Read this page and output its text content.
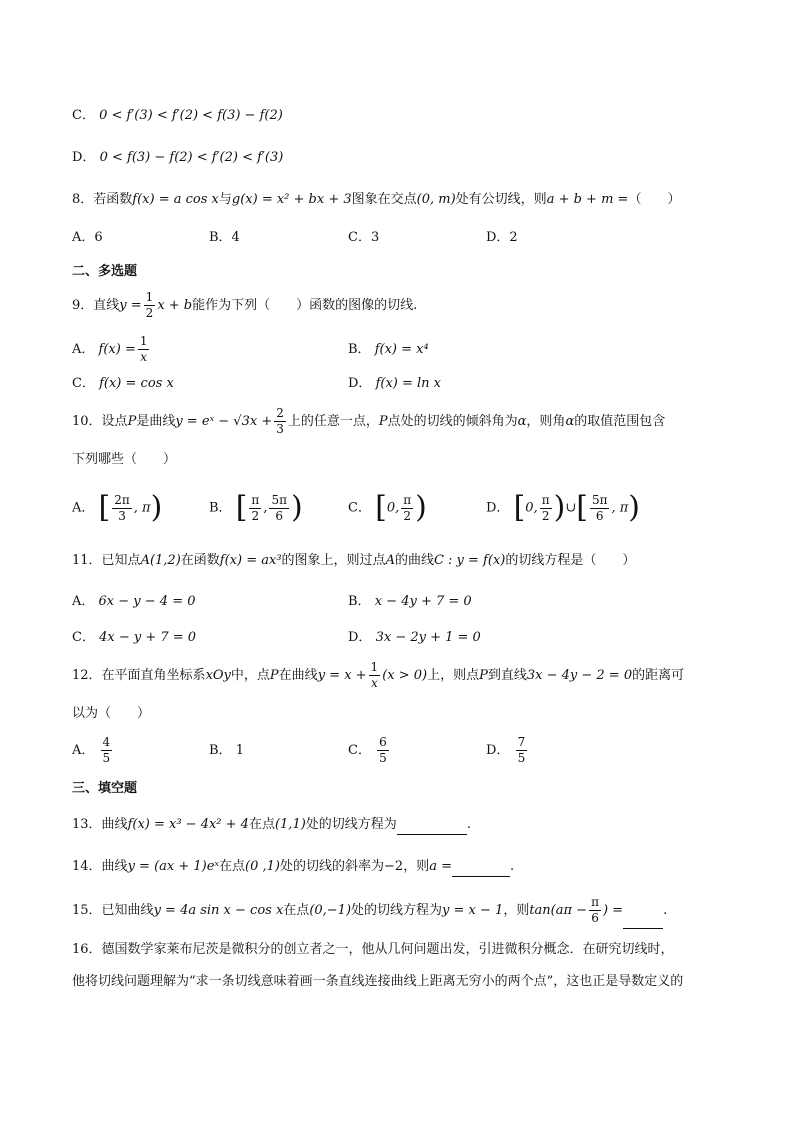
C． 0 < f′(3) < f′(2) < f(3) − f(2)
D． 0 < f(3) − f(2) < f′(2) < f′(3)
8．若函数f(x) = a cos x与g(x) = x² + bx + 3图象在交点(0, m)处有公切线，则a + b + m =（　　）
A．6	B．4	C．3	D．2
二、多选题
9．直线$y = \frac{1}{2}$ x + b能作为下列（　　）函数的图像的切线.
A． $f(x) = \frac{1}{x}$	B． f(x) = x⁴
C． f(x) = cos x	D． f(x) = ln x
10．设点P是曲线y = eˣ − $√3x + \frac{2}{3}$ 上的任意一点，P点处的切线的倾斜角为α，则角α的取值范围包含
下列哪些（　　）
A． [ $\frac{2\pi}{3}$ , π)	B． [ $\frac{\pi}{2}$ , $\frac{5\pi}{6}$ )	C． [0, $\frac{\pi}{2}$ )	D． [0, $\frac{\pi}{2}$ )∪[ $\frac{5\pi}{6}$ , π)
11．已知点A(1,2)在函数f(x) = ax³的图象上，则过点A的曲线C : y = f(x)的切线方程是（　　）
A． 6x − y − 4 = 0	B． x − 4y + 7 = 0
C． 4x − y + 7 = 0	D． 3x − 2y + 1 = 0
12．在平面直角坐标系xOy中，点P在曲线$y = x + \frac{1}{x} (x > 0)$上，则点P到直线3x − 4y − 2 = 0的距离可
以为（　　）
A． $\frac{4}{5}$	B． 1	C． $\frac{6}{5}$	D． $\frac{7}{5}$
三、填空题
13．曲线f(x) = x³ − 4x² + 4在点(1,1)处的切线方程为	.
14．曲线y = (ax + 1)eˣ在点(0 ,1)处的切线的斜率为−2，则a =	.
15．已知曲线y = 4a sin x − cos x在点(0,−1)处的切线方程为y = x − 1，则$\tan(a\pi - \frac{\pi}{6}$ ) =	.
16．德国数学家莱布尼茨是微积分的创立者之一，他从几何问题出发，引进微积分概念．在研究切线时，
他将切线问题理解为“求一条切线意味着画一条直线连接曲线上距离无穷小的两个点”，这也正是导数定义的
